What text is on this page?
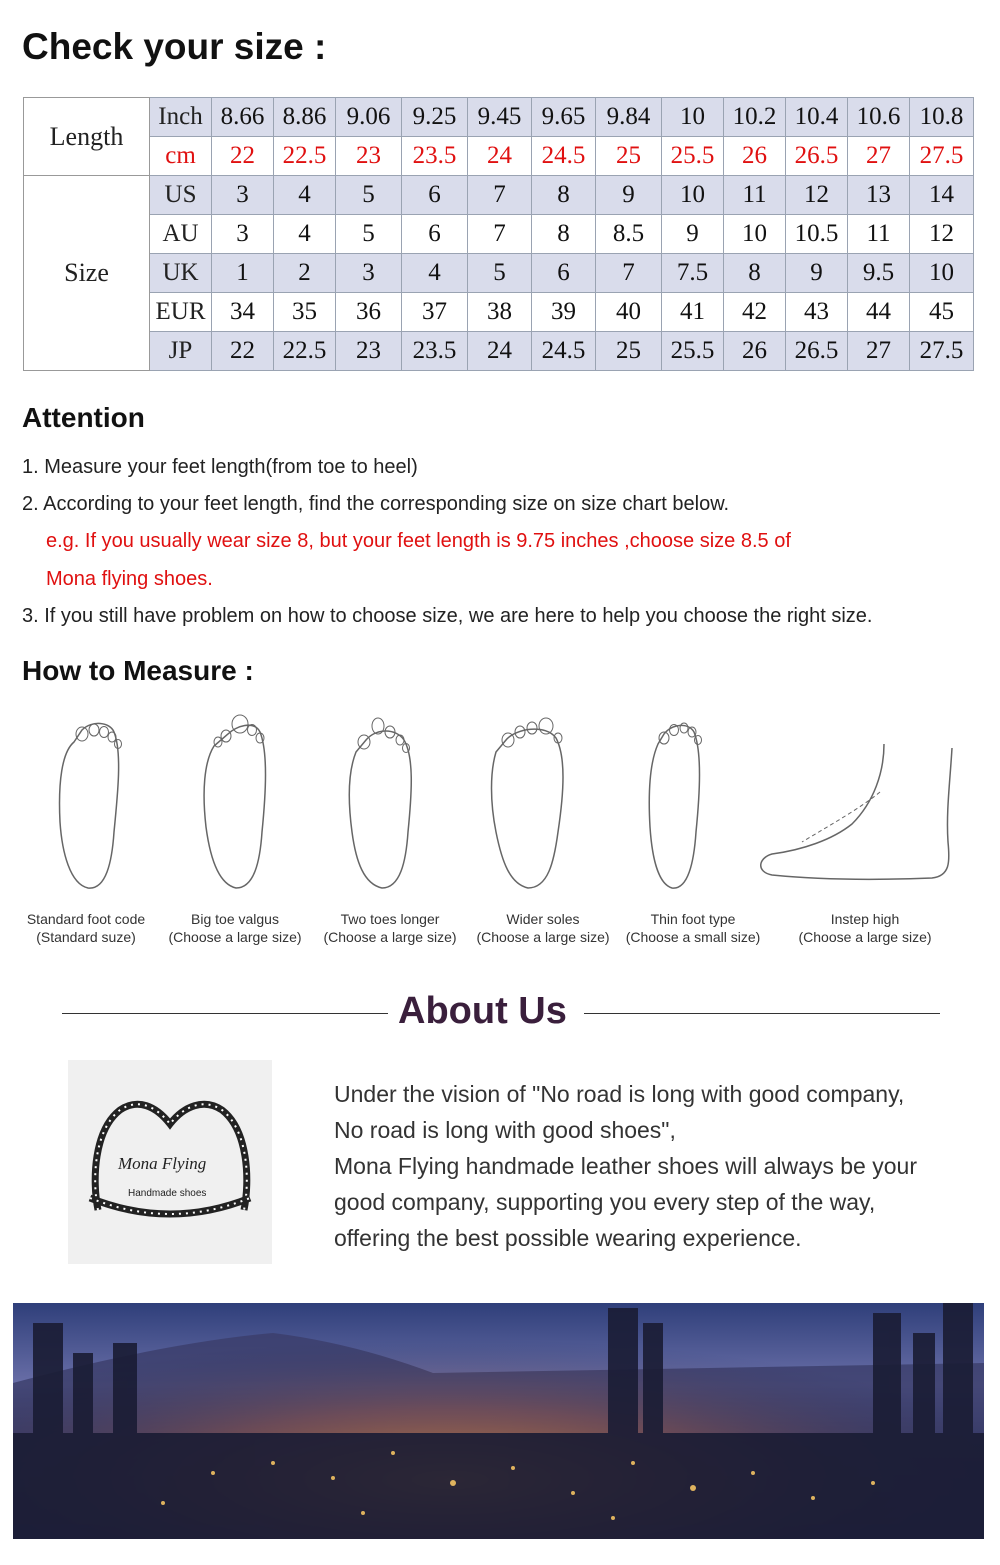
Check your size :
Length	Inch	8.66	8.86	9.06	9.25	9.45	9.65	9.84	10	10.2	10.4	10.6	10.8
	cm	22	22.5	23	23.5	24	24.5	25	25.5	26	26.5	27	27.5
Size	US	3	4	5	6	7	8	9	10	11	12	13	14
	AU	3	4	5	6	7	8	8.5	9	10	10.5	11	12
	UK	1	2	3	4	5	6	7	7.5	8	9	9.5	10
	EUR	34	35	36	37	38	39	40	41	42	43	44	45
	JP	22	22.5	23	23.5	24	24.5	25	25.5	26	26.5	27	27.5
Attention
1. Measure your feet length(from toe to heel)
2. According to your feet length, find the corresponding size on size chart below.
e.g. If you usually wear size 8, but your feet length is 9.75 inches ,choose size 8.5 of
Mona flying shoes.
3. If you still have problem on how to choose size, we are here to help you choose the right size.
How to Measure :
Standard foot code
(Standard suze)
Big toe valgus
(Choose a large size)
Two toes longer
(Choose a large size)
Wider soles
(Choose a large size)
Thin foot type
(Choose a small size)
Instep high
(Choose a large size)
About Us
Mona Flying
Handmade shoes
Under the vision of "No road is long with good company,
No road is long with good shoes",
Mona Flying handmade leather shoes will always be your
good company, supporting you every step of the way,
offering the best possible wearing experience.
